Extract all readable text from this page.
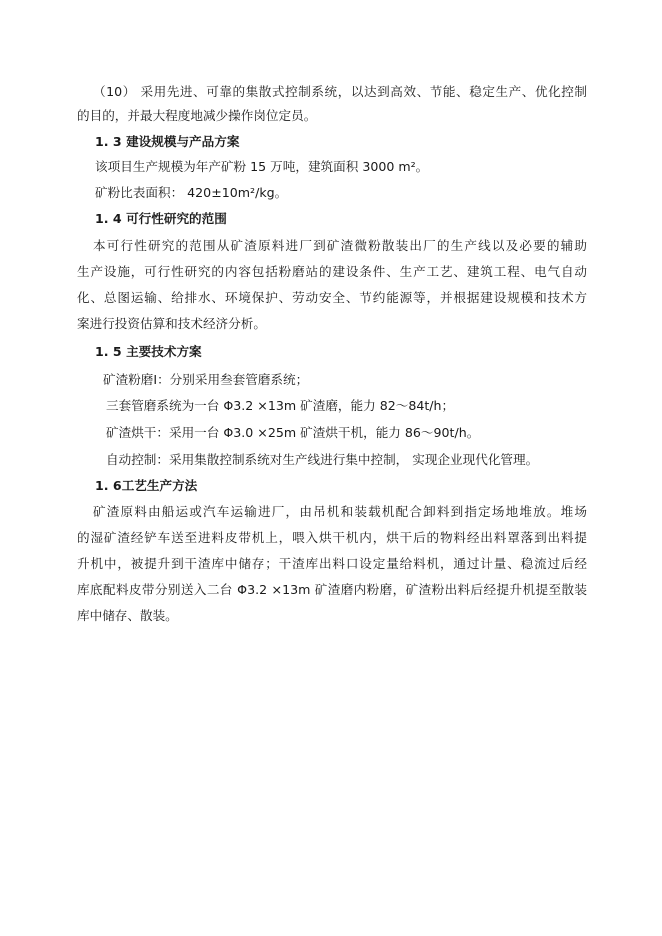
（10） 采用先进、可靠的集散式控制系统，以达到高效、节能、稳定生产、优化控制
的目的，并最大程度地减少操作岗位定员。
1. 3 建设规模与产品方案
该项目生产规模为年产矿粉 15 万吨，建筑面积 3000 m²。
矿粉比表面积： 420±10m²/kg。
1. 4 可行性研究的范围
本可行性研究的范围从矿渣原料进厂到矿渣微粉散装出厂的生产线以及必要的辅助
生产设施，可行性研究的内容包括粉磨站的建设条件、生产工艺、建筑工程、电气自动
化、总图运输、给排水、环境保护、劳动安全、节约能源等，并根据建设规模和技术方
案进行投资估算和技术经济分析。
1. 5 主要技术方案
矿渣粉磨Ⅰ：分别采用叁套管磨系统；
三套管磨系统为一台 Φ3.2 ×13m 矿渣磨，能力 82～84t/h；
矿渣烘干：采用一台 Φ3.0 ×25m 矿渣烘干机，能力 86～90t/h。
自动控制：采用集散控制系统对生产线进行集中控制， 实现企业现代化管理。
1. 6工艺生产方法
矿渣原料由船运或汽车运输进厂，由吊机和装载机配合卸料到指定场地堆放。堆场
的湿矿渣经铲车送至进料皮带机上，喂入烘干机内，烘干后的物料经出料罩落到出料提
升机中，被提升到干渣库中储存；干渣库出料口设定量给料机，通过计量、稳流过后经
库底配料皮带分别送入二台 Φ3.2 ×13m 矿渣磨内粉磨，矿渣粉出料后经提升机提至散装
库中储存、散装。
